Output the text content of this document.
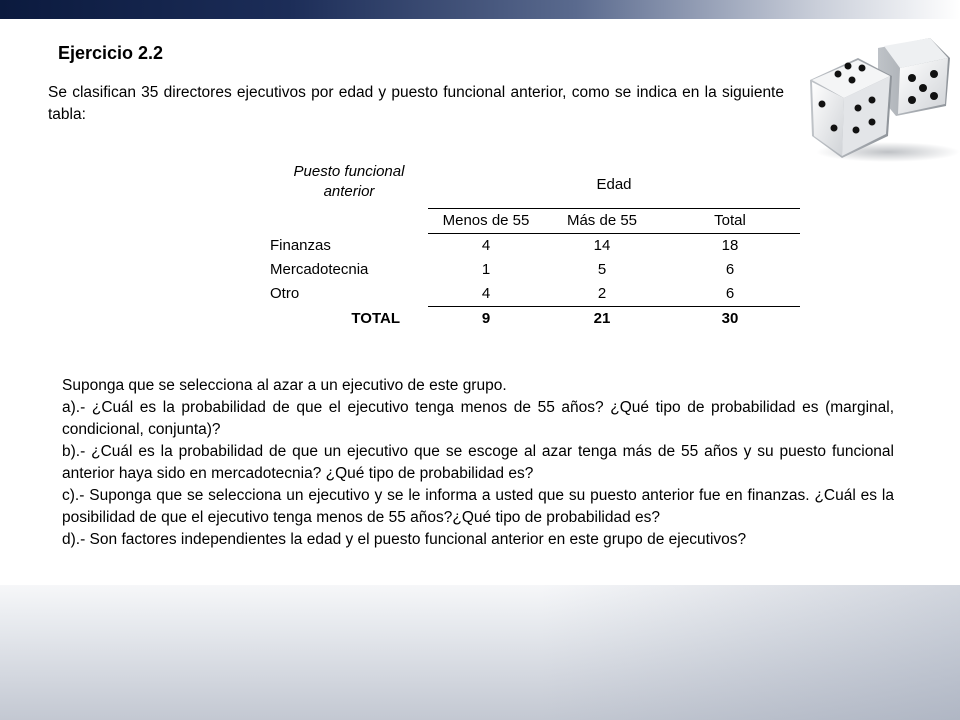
Ejercicio 2.2
Se clasifican 35 directores ejecutivos por edad y puesto funcional anterior, como se indica en la siguiente tabla:
Puesto funcional anterior	Edad		
	Menos de 55	Más de 55	Total
Finanzas	4	14	18
Mercadotecnia	1	5	6
Otro	4	2	6
TOTAL	9	21	30

Suponga que se selecciona al azar a un ejecutivo de este grupo.

a).- ¿Cuál es la probabilidad de que el ejecutivo tenga menos de 55 años? ¿Qué tipo de probabilidad es (marginal, condicional, conjunta)?

b).- ¿Cuál es la probabilidad de que un ejecutivo que se escoge al azar tenga más de 55 años y su puesto funcional anterior haya sido en mercadotecnia? ¿Qué tipo de probabilidad es?

c).- Suponga que se selecciona un ejecutivo y se le informa a usted que su puesto anterior fue en finanzas. ¿Cuál es la posibilidad de que el ejecutivo tenga menos de 55 años?¿Qué tipo de probabilidad es?

d).- Son factores independientes la edad y el puesto funcional anterior en este grupo de ejecutivos?
